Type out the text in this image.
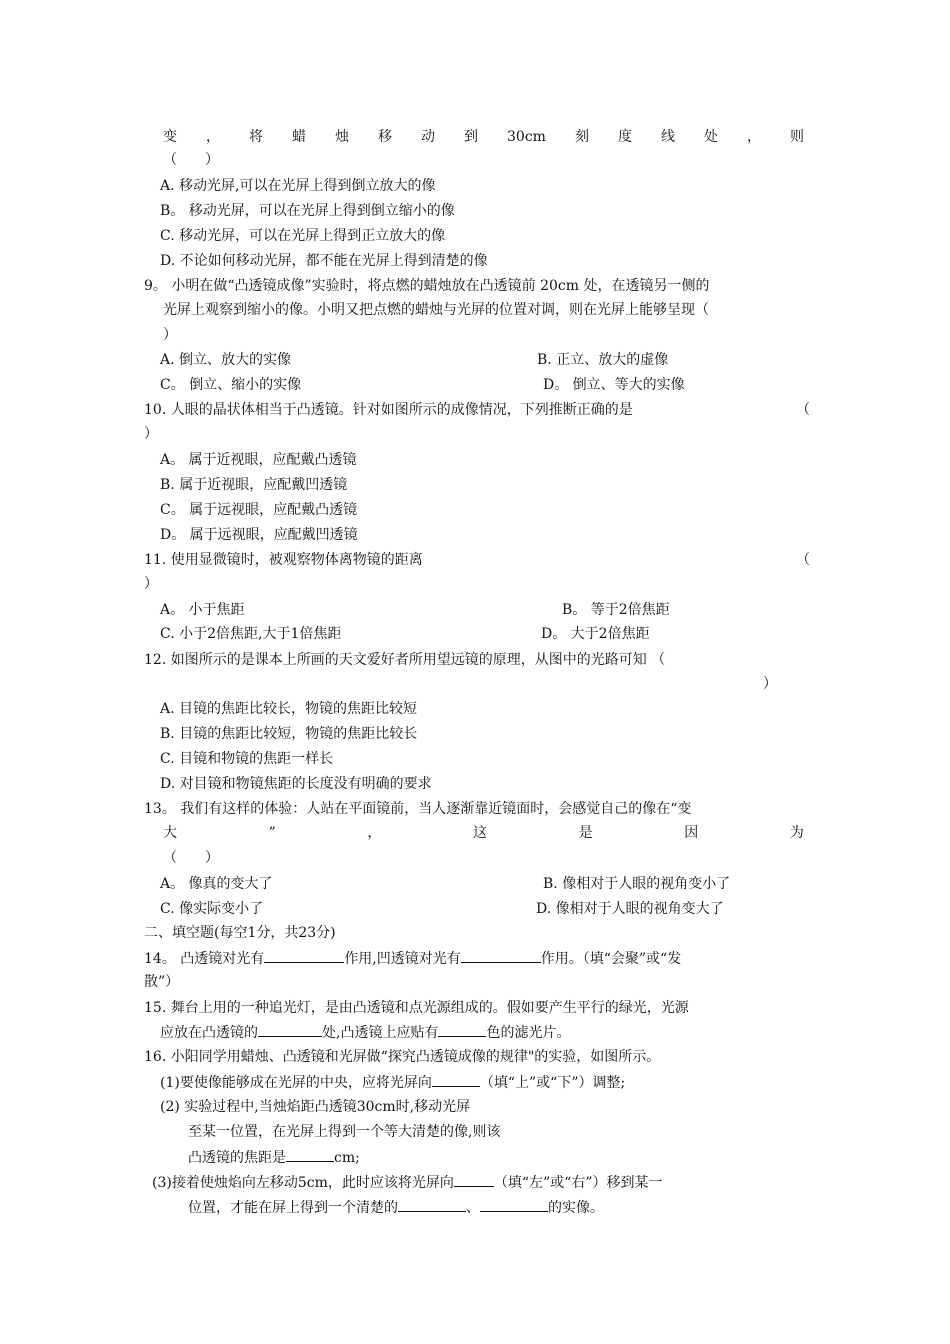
变 ， 将 蜡 烛 移 动 到 30cm 刻 度 线 处 ， 则
（　　）
A. 移动光屏,可以在光屏上得到倒立放大的像
B。 移动光屏，可以在光屏上得到倒立缩小的像
C. 移动光屏，可以在光屏上得到正立放大的像
D. 不论如何移动光屏，都不能在光屏上得到清楚的像
9。 小明在做“凸透镜成像”实验时，将点燃的蜡烛放在凸透镜前 20cm 处，在透镜另一侧的
光屏上观察到缩小的像。小明又把点燃的蜡烛与光屏的位置对调，则在光屏上能够呈现（
）
A. 倒立、放大的实像	B. 正立、放大的虚像
C。 倒立、缩小的实像	D。 倒立、等大的实像
10. 人眼的晶状体相当于凸透镜。针对如图所示的成像情况，下列推断正确的是	（
）
A。 属于近视眼，应配戴凸透镜
B. 属于近视眼，应配戴凹透镜
C。 属于远视眼，应配戴凸透镜
D。 属于远视眼，应配戴凹透镜
11. 使用显微镜时，被观察物体离物镜的距离	（
）
A。 小于焦距	B。 等于2倍焦距
C. 小于2倍焦距,大于1倍焦距	D。 大于2倍焦距
12. 如图所示的是课本上所画的天文爱好者所用望远镜的原理，从图中的光路可知 （
）
A. 目镜的焦距比较长，物镜的焦距比较短
B. 目镜的焦距比较短，物镜的焦距比较长
C. 目镜和物镜的焦距一样长
D. 对目镜和物镜焦距的长度没有明确的要求
13。 我们有这样的体验：人站在平面镜前，当人逐渐靠近镜面时，会感觉自己的像在“变
大	”	，	这	是	因	为
（　　）
A。 像真的变大了	B. 像相对于人眼的视角变小了
C. 像实际变小了	D. 像相对于人眼的视角变大了
二、填空题(每空1分，共23分)
14。 凸透镜对光有	作用,凹透镜对光有	作用。（填“会聚”或“发
散”）
15. 舞台上用的一种追光灯，是由凸透镜和点光源组成的。假如要产生平行的绿光，光源
应放在凸透镜的	处,凸透镜上应贴有	色的滤光片。
16. 小阳同学用蜡烛、凸透镜和光屏做“探究凸透镜成像的规律"的实验，如图所示。
(1)要使像能够成在光屏的中央，应将光屏向	（填“上”或“下”）调整;
(2) 实验过程中,当烛焰距凸透镜30cm时,移动光屏
至某一位置，在光屏上得到一个等大清楚的像,则该
凸透镜的焦距是	cm;
(3)接着使烛焰向左移动5cm，此时应该将光屏向	（填“左”或“右”）移到某一
位置，才能在屏上得到一个清楚的	、	的实像。
